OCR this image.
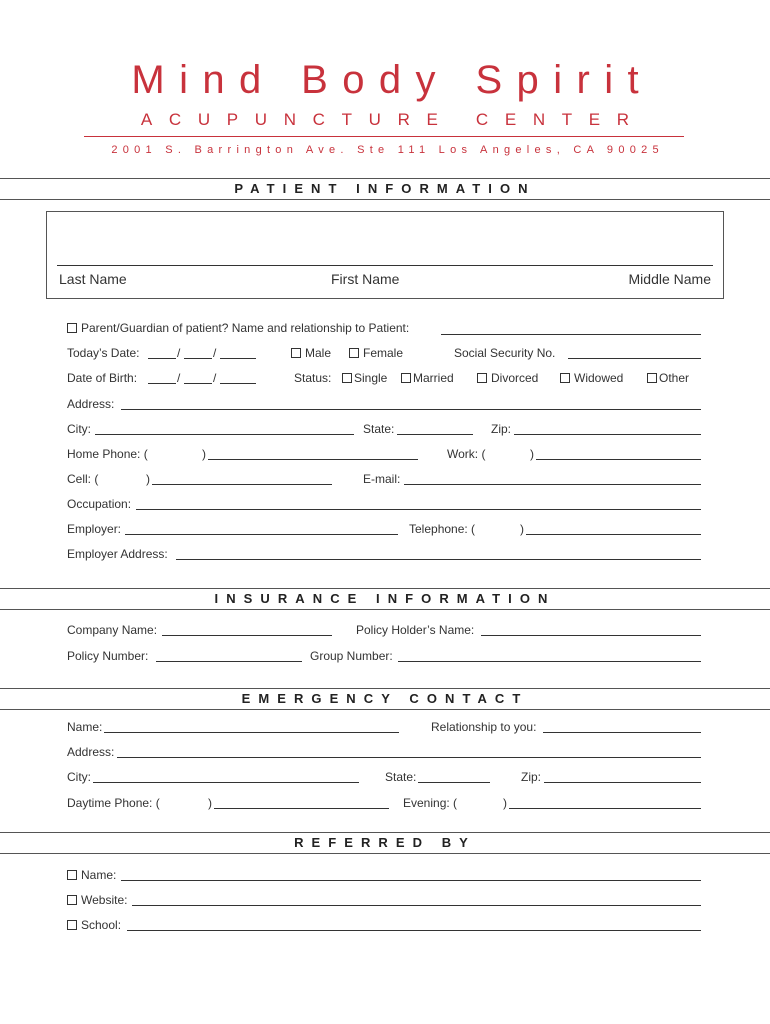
Mind Body Spirit
ACUPUNCTURE CENTER
2001 S. Barrington Ave. Ste 111 Los Angeles, CA 90025
PATIENT INFORMATION
Last Name	First Name	Middle Name
Parent/Guardian of patient? Name and relationship to Patient:
Today’s Date:	/	/	Male	Female	Social Security No.
Date of Birth:	/	/	Status:	Single	Married	Divorced	Widowed	Other
Address:
City:	State:	Zip:
Home Phone: (	)	Work: (	)
Cell: (	)	E-mail:
Occupation:
Employer:	Telephone: (	)
Employer Address:
INSURANCE INFORMATION
Company Name:	Policy Holder’s Name:
Policy Number:	Group Number:
EMERGENCY CONTACT
Name:	Relationship to you:
Address:
City:	State:	Zip:
Daytime Phone: (	)	Evening: (	)
REFERRED BY
Name:
Website:
School:
